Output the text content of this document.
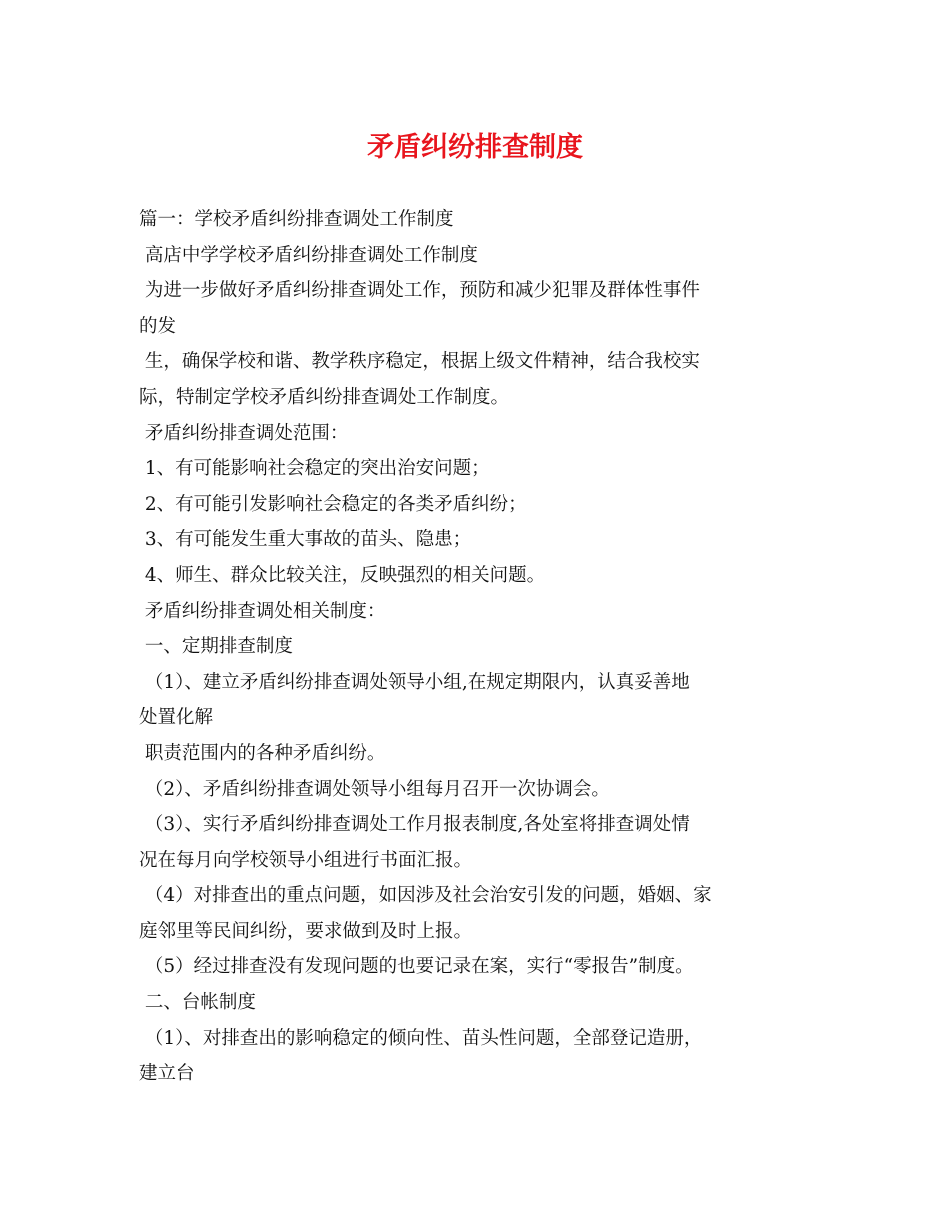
矛盾纠纷排查制度
篇一：学校矛盾纠纷排查调处工作制度
高店中学学校矛盾纠纷排查调处工作制度
为进一步做好矛盾纠纷排查调处工作，预防和减少犯罪及群体性事件
的发
生，确保学校和谐、教学秩序稳定，根据上级文件精神，结合我校实
际，特制定学校矛盾纠纷排查调处工作制度。
矛盾纠纷排查调处范围：
1、有可能影响社会稳定的突出治安问题；
2、有可能引发影响社会稳定的各类矛盾纠纷；
3、有可能发生重大事故的苗头、隐患；
4、师生、群众比较关注，反映强烈的相关问题。
矛盾纠纷排查调处相关制度：
一、定期排查制度
（1）、建立矛盾纠纷排查调处领导小组,在规定期限内，认真妥善地
处置化解
职责范围内的各种矛盾纠纷。
（2）、矛盾纠纷排查调处领导小组每月召开一次协调会。
（3）、实行矛盾纠纷排查调处工作月报表制度,各处室将排查调处情
况在每月向学校领导小组进行书面汇报。
（4）对排查出的重点问题，如因涉及社会治安引发的问题，婚姻、家
庭邻里等民间纠纷，要求做到及时上报。
（5）经过排查没有发现问题的也要记录在案，实行“零报告”制度。
二、台帐制度
（1）、对排查出的影响稳定的倾向性、苗头性问题，全部登记造册，
建立台
